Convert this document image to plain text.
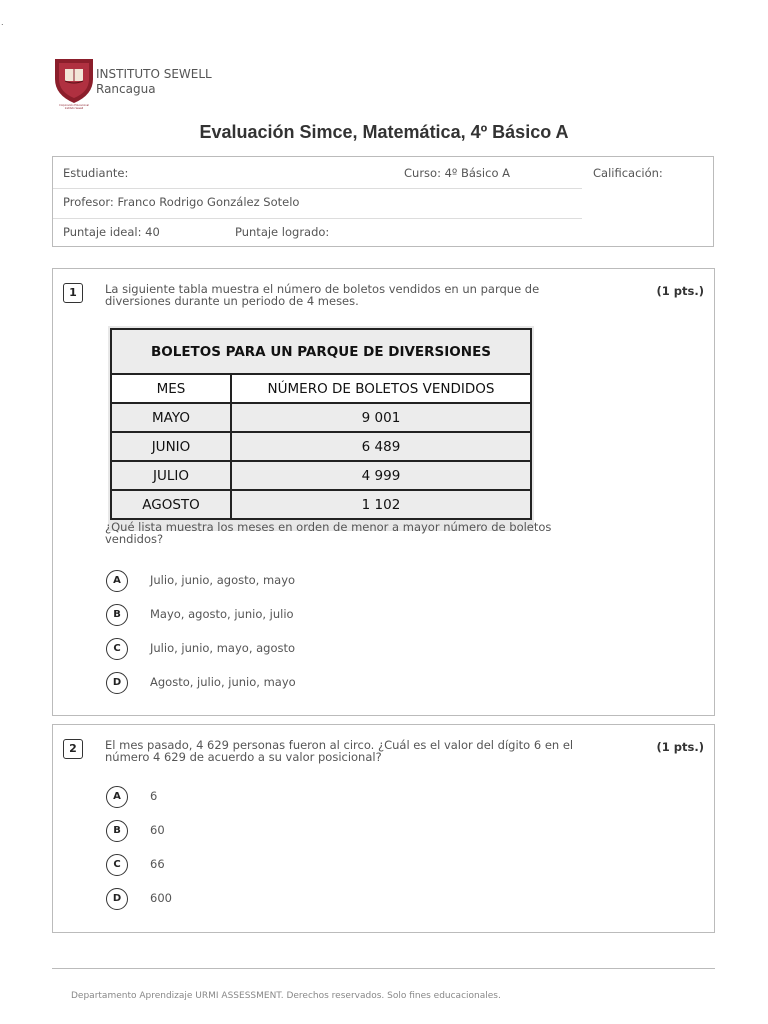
.
Corporación Educacional
Instituto Sewell
INSTITUTO SEWELL
Rancagua
Evaluación Simce, Matemática, 4º Básico A
Estudiante:	Curso: 4º Básico A	Calificación:
Profesor: Franco Rodrigo González Sotelo
Puntaje ideal: 40	Puntaje logrado:
1	La siguiente tabla muestra el número de boletos vendidos en un parque de
diversiones durante un periodo de 4 meses.
(1 pts.)
BOLETOS PARA UN PARQUE DE DIVERSIONES	
MES	NÚMERO DE BOLETOS VENDIDOS
MAYO	9 001
JUNIO	6 489
JULIO	4 999
AGOSTO	1 102
¿Qué lista muestra los meses en orden de menor a mayor número de boletos
vendidos?
A	Julio, junio, agosto, mayo
B	Mayo, agosto, junio, julio
C	Julio, junio, mayo, agosto
D	Agosto, julio, junio, mayo
2	El mes pasado, 4 629 personas fueron al circo. ¿Cuál es el valor del dígito 6 en el
número 4 629 de acuerdo a su valor posicional?
(1 pts.)
A	6
B	60
C	66
D	600
Departamento Aprendizaje URMI ASSESSMENT. Derechos reservados. Solo fines educacionales.
